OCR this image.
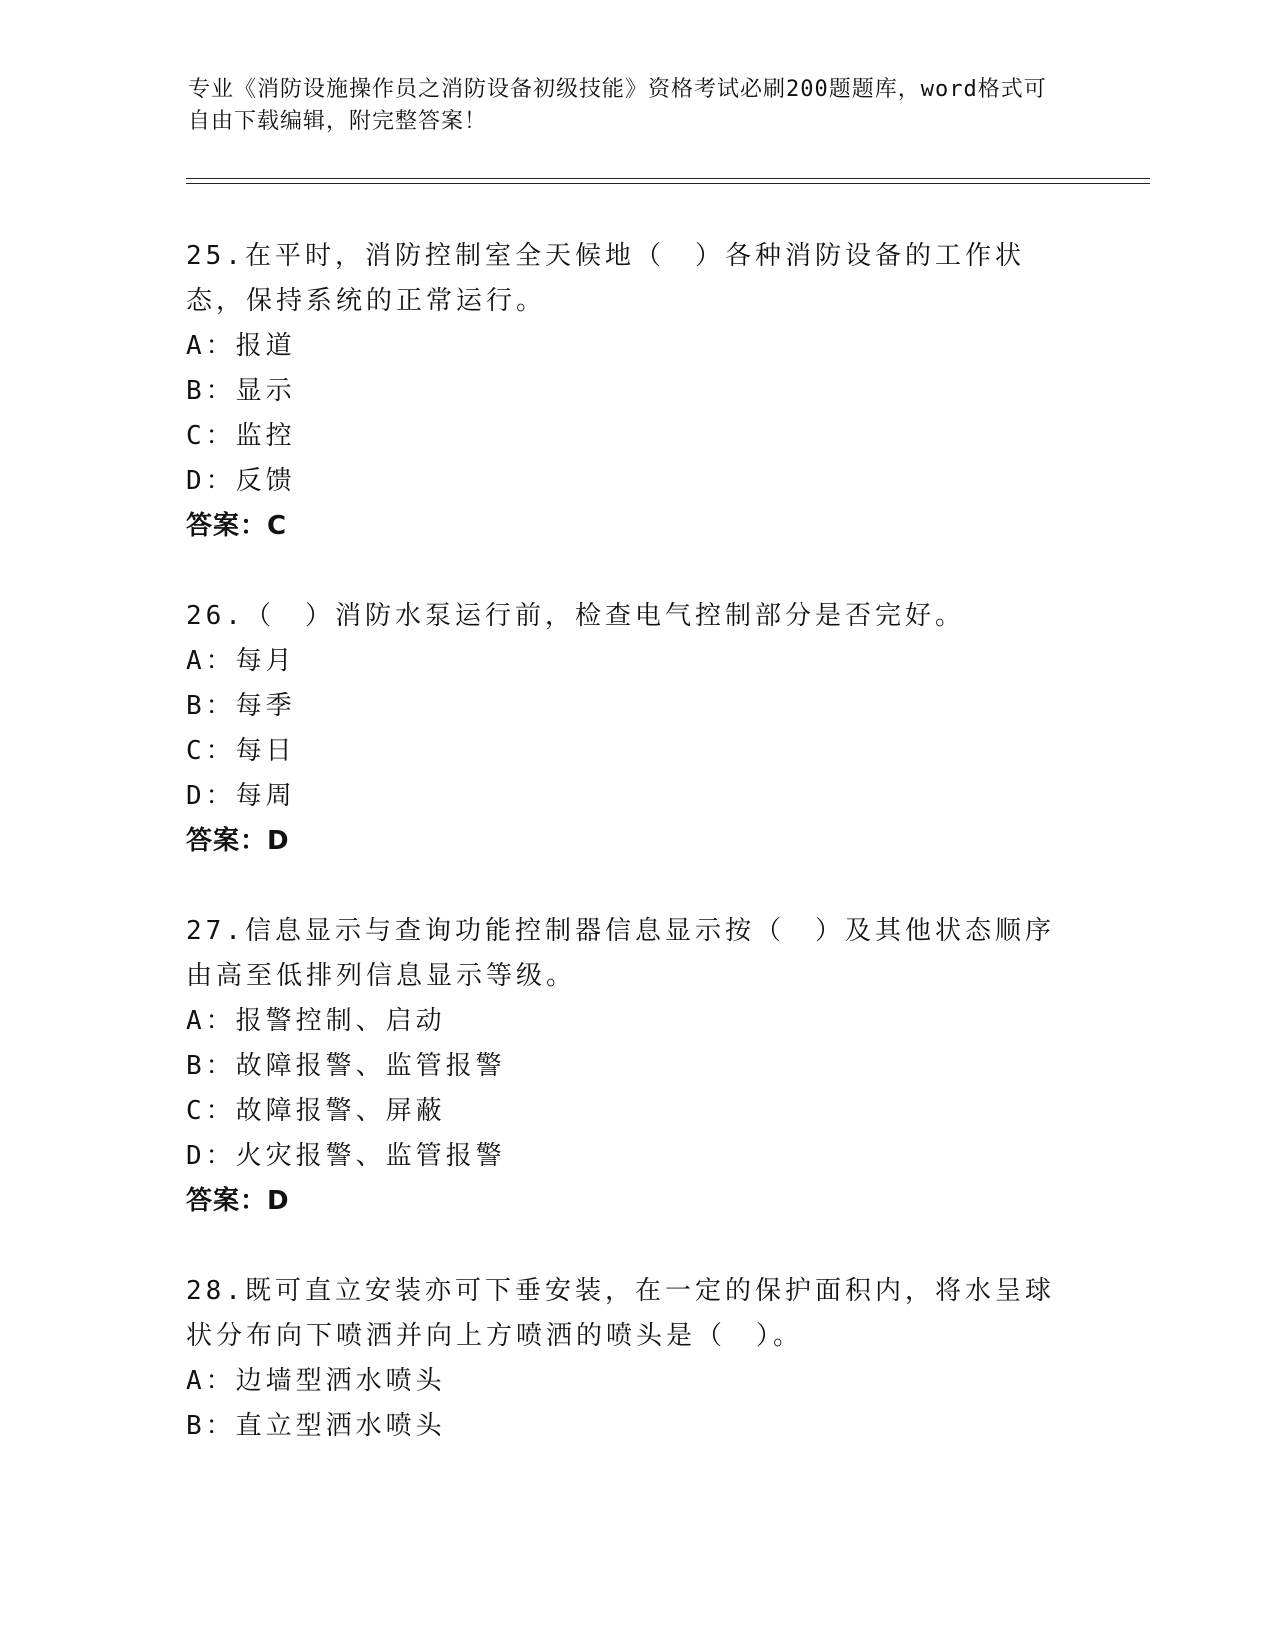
专业《消防设施操作员之消防设备初级技能》资格考试必刷200题题库，word格式可自由下载编辑，附完整答案！
25.在平时，消防控制室全天候地（　）各种消防设备的工作状态，保持系统的正常运行。
A：报道
B：显示
C：监控
D：反馈
答案：C
26.（　）消防水泵运行前，检查电气控制部分是否完好。
A：每月
B：每季
C：每日
D：每周
答案：D
27.信息显示与查询功能控制器信息显示按（　）及其他状态顺序由高至低排列信息显示等级。
A：报警控制、启动
B：故障报警、监管报警
C：故障报警、屏蔽
D：火灾报警、监管报警
答案：D
28.既可直立安装亦可下垂安装，在一定的保护面积内，将水呈球状分布向下喷洒并向上方喷洒的喷头是（　）。
A：边墙型洒水喷头
B：直立型洒水喷头
